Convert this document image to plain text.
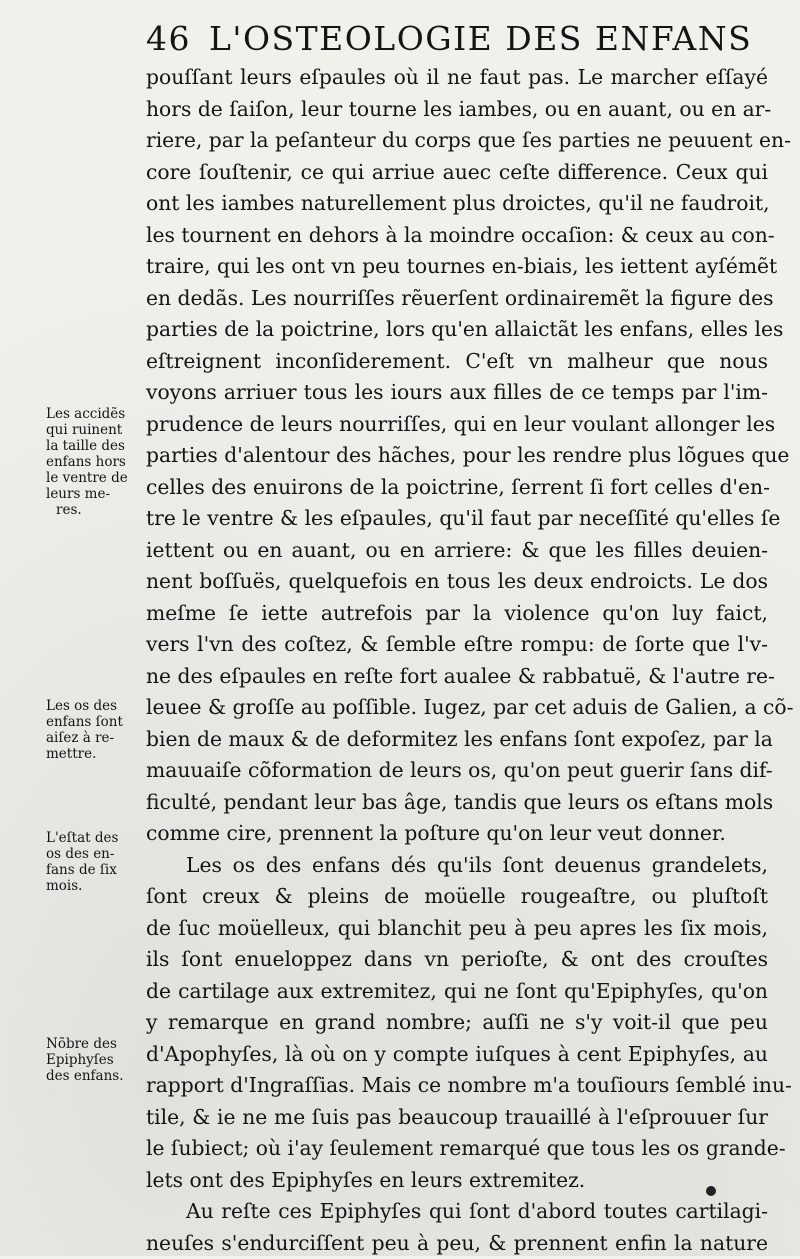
46 L'OSTEOLOGIE DES ENFANS
pouſſant leurs eſpaules où il ne faut pas. Le marcher eſſayé
hors de ſaiſon, leur tourne les iambes, ou en auant, ou en ar-
riere, par la peſanteur du corps que ſes parties ne peuuent en-
core ſouſtenir, ce qui arriue auec ceſte difference. Ceux qui
ont les iambes naturellement plus droictes, qu'il ne faudroit,
les tournent en dehors à la moindre occaſion: & ceux au con-
traire, qui les ont vn peu tournes en-biais, les iettent ayſémẽt
en dedãs. Les nourriſſes rẽuerſent ordinairemẽt la figure des
parties de la poictrine, lors qu'en allaictãt les enfans, elles les
eſtreignent inconſiderement. C'eſt vn malheur que nous
voyons arriuer tous les iours aux filles de ce temps par l'im-
prudence de leurs nourriſſes, qui en leur voulant allonger les
parties d'alentour des hãches, pour les rendre plus lõgues que
celles des enuirons de la poictrine, ſerrent ſi fort celles d'en-
tre le ventre & les eſpaules, qu'il faut par neceſſité qu'elles ſe
iettent ou en auant, ou en arriere: & que les filles deuien-
nent boſſuës, quelquefois en tous les deux endroicts. Le dos
meſme ſe iette autrefois par la violence qu'on luy faict,
vers l'vn des coſtez, & ſemble eſtre rompu: de ſorte que l'v-
ne des eſpaules en reſte fort aualee & rabbatuë, & l'autre re-
leuee & groſſe au poſſible. Iugez, par cet aduis de Galien, a cõ-
bien de maux & de deformitez les enfans ſont expoſez, par la
mauuaiſe cõformation de leurs os, qu'on peut guerir ſans dif-
ficulté, pendant leur bas âge, tandis que leurs os eſtans mols
comme cire, prennent la poſture qu'on leur veut donner.
Les os des enfans dés qu'ils ſont deuenus grandelets,
ſont creux & pleins de moüelle rougeaſtre, ou pluſtoſt
de ſuc moüelleux, qui blanchit peu à peu apres les ſix mois,
ils ſont enueloppez dans vn perioſte, & ont des crouſtes
de cartilage aux extremitez, qui ne ſont qu'Epiphyſes, qu'on
y remarque en grand nombre; auſſi ne s'y voit-il que peu
d'Apophyſes, là où on y compte iuſques à cent Epiphyſes, au
rapport d'Ingraſſias. Mais ce nombre m'a touſiours ſemblé inu-
tile, & ie ne me ſuis pas beaucoup trauaillé à l'eſprouuer ſur
le ſubiect; où i'ay ſeulement remarqué que tous les os grande-
lets ont des Epiphyſes en leurs extremitez.
Au reſte ces Epiphyſes qui ſont d'abord toutes cartilagi-
neuſes s'endurciſſent peu à peu, & prennent enfin la nature
Les accidẽs
qui ruinent
la taille des
enfans hors
le ventre de
leurs me-
res.
Les os des
enfans ſont
aiſez à re-
mettre.
L'eſtat des
os des en-
fans de ſix
mois.
Nõbre des
Epiphyſes
des enfans.
